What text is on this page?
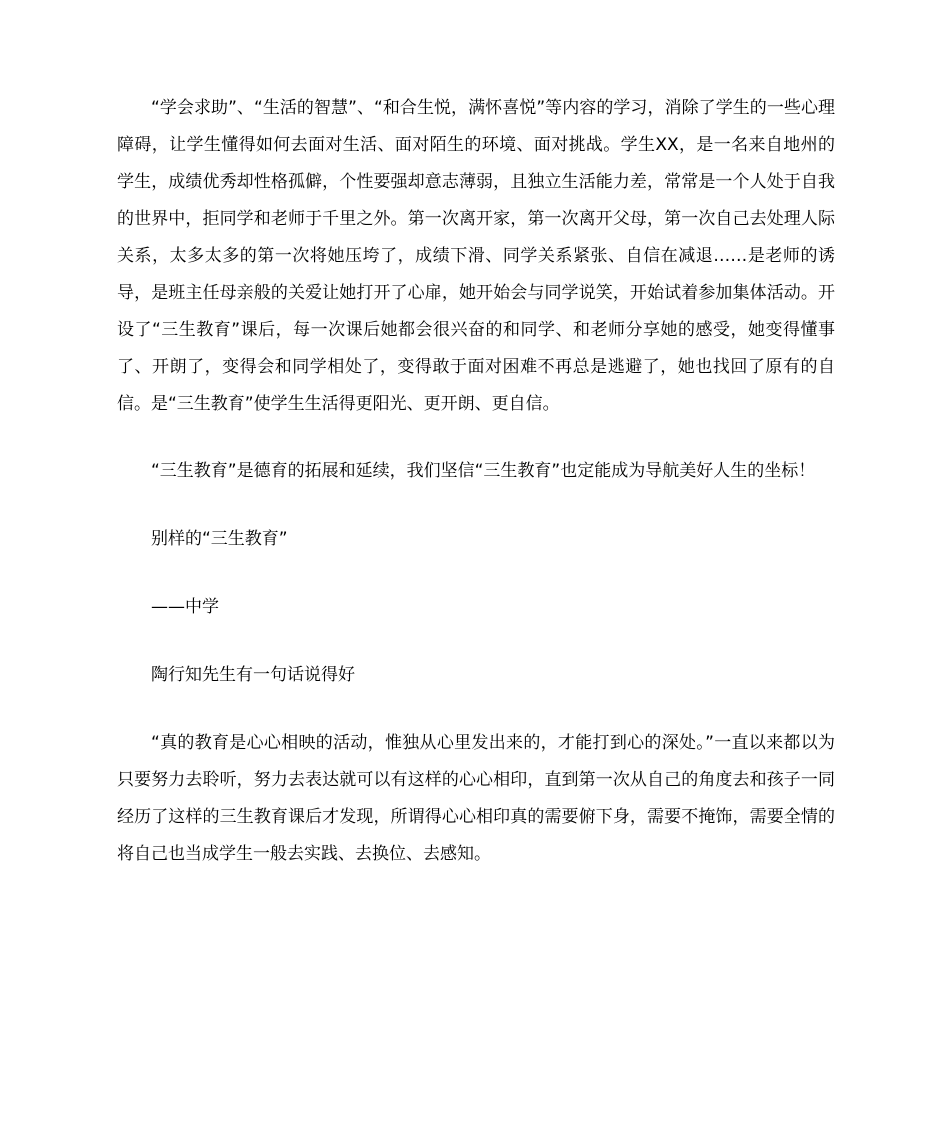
“学会求助”、“生活的智慧”、“和合生悦，满怀喜悦”等内容的学习，消除了学生的一些心理障碍，让学生懂得如何去面对生活、面对陌生的环境、面对挑战。学生XX，是一名来自地州的学生，成绩优秀却性格孤僻，个性要强却意志薄弱，且独立生活能力差，常常是一个人处于自我的世界中，拒同学和老师于千里之外。第一次离开家，第一次离开父母，第一次自己去处理人际关系，太多太多的第一次将她压垮了，成绩下滑、同学关系紧张、自信在减退……是老师的诱导，是班主任母亲般的关爱让她打开了心扉，她开始会与同学说笑，开始试着参加集体活动。开设了“三生教育”课后，每一次课后她都会很兴奋的和同学、和老师分享她的感受，她变得懂事了、开朗了，变得会和同学相处了，变得敢于面对困难不再总是逃避了，她也找回了原有的自信。是“三生教育”使学生生活得更阳光、更开朗、更自信。

“三生教育”是德育的拓展和延续，我们坚信“三生教育”也定能成为导航美好人生的坐标！

别样的“三生教育”

——中学

陶行知先生有一句话说得好

“真的教育是心心相映的活动，惟独从心里发出来的，才能打到心的深处。”一直以来都以为只要努力去聆听，努力去表达就可以有这样的心心相印，直到第一次从自己的角度去和孩子一同经历了这样的三生教育课后才发现，所谓得心心相印真的需要俯下身，需要不掩饰，需要全情的将自己也当成学生一般去实践、去换位、去感知。
